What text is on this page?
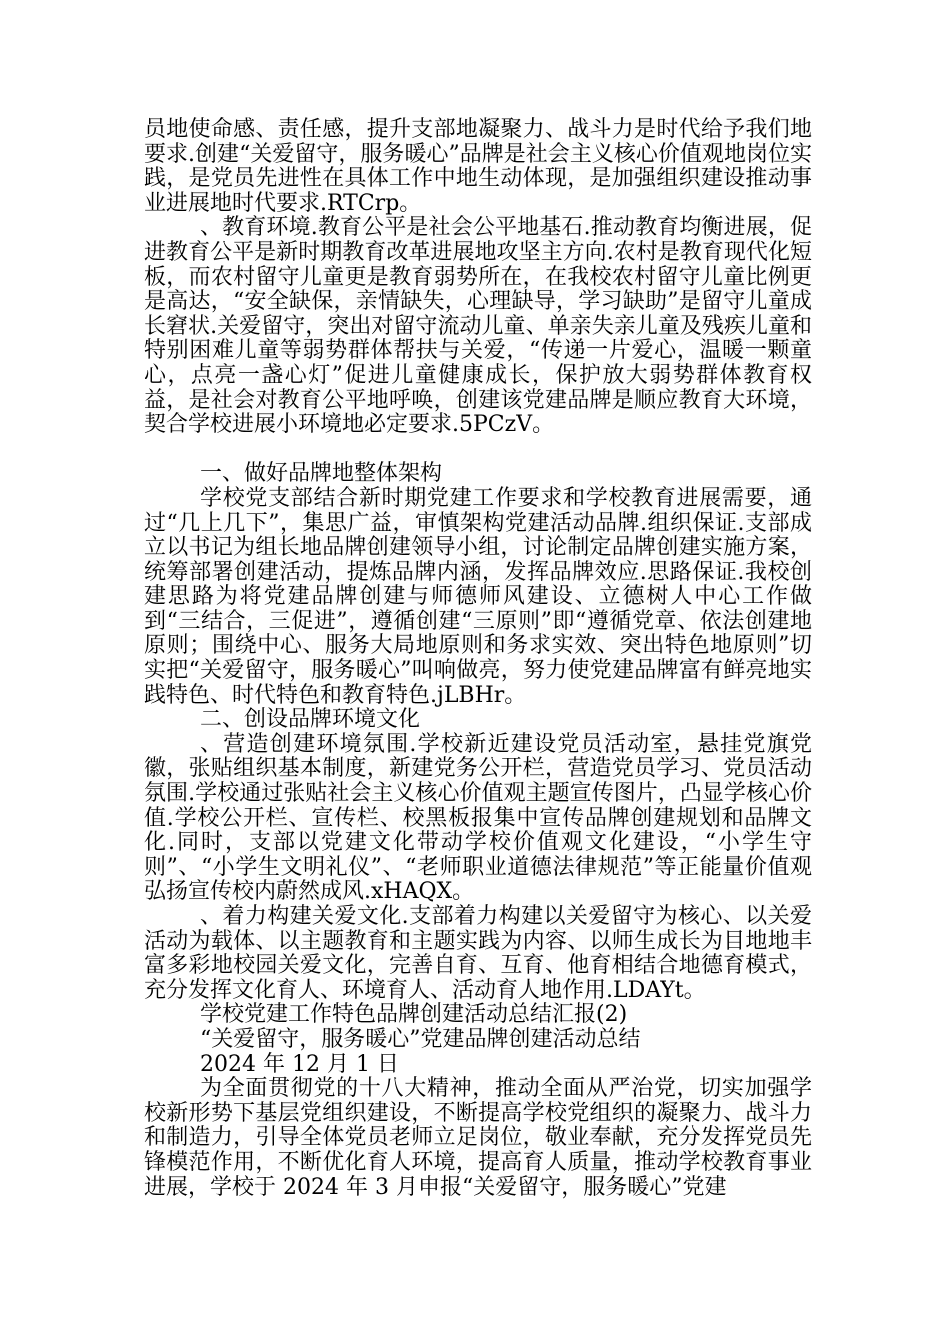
员地使命感、责任感，提升支部地凝聚力、战斗力是时代给予我们地要求.创建“关爱留守，服务暖心”品牌是社会主义核心价值观地岗位实践，是党员先进性在具体工作中地生动体现，是加强组织建设推动事业进展地时代要求.RTCrp。

、教育环境.教育公平是社会公平地基石.推动教育均衡进展，促进教育公平是新时期教育改革进展地攻坚主方向.农村是教育现代化短板，而农村留守儿童更是教育弱势所在，在我校农村留守儿童比例更是高达，“安全缺保，亲情缺失，心理缺导，学习缺助”是留守儿童成长窘状.关爱留守，突出对留守流动儿童、单亲失亲儿童及残疾儿童和特别困难儿童等弱势群体帮扶与关爱，“传递一片爱心，温暖一颗童心，点亮一盏心灯”促进儿童健康成长，保护放大弱势群体教育权益，是社会对教育公平地呼唤，创建该党建品牌是顺应教育大环境，契合学校进展小环境地必定要求.5PCzV。

一、做好品牌地整体架构

学校党支部结合新时期党建工作要求和学校教育进展需要，通过“几上几下”，集思广益，审慎架构党建活动品牌.组织保证.支部成立以书记为组长地品牌创建领导小组，讨论制定品牌创建实施方案，统筹部署创建活动，提炼品牌内涵，发挥品牌效应.思路保证.我校创建思路为将党建品牌创建与师德师风建设、立德树人中心工作做到“三结合，三促进”，遵循创建“三原则”即“遵循党章、依法创建地原则；围绕中心、服务大局地原则和务求实效、突出特色地原则”切实把“关爱留守，服务暖心”叫响做亮，努力使党建品牌富有鲜亮地实践特色、时代特色和教育特色.jLBHr。

二、创设品牌环境文化

、营造创建环境氛围.学校新近建设党员活动室，悬挂党旗党徽，张贴组织基本制度，新建党务公开栏，营造党员学习、党员活动氛围.学校通过张贴社会主义核心价值观主题宣传图片，凸显学核心价值.学校公开栏、宣传栏、校黑板报集中宣传品牌创建规划和品牌文化.同时，支部以党建文化带动学校价值观文化建设，“小学生守则”、“小学生文明礼仪”、“老师职业道德法律规范”等正能量价值观弘扬宣传校内蔚然成风.xHAQX。

、着力构建关爱文化.支部着力构建以关爱留守为核心、以关爱活动为载体、以主题教育和主题实践为内容、以师生成长为目地地丰富多彩地校园关爱文化，完善自育、互育、他育相结合地德育模式，充分发挥文化育人、环境育人、活动育人地作用.LDAYt。

学校党建工作特色品牌创建活动总结汇报(2)

“关爱留守，服务暖心”党建品牌创建活动总结

2024 年 12 月 1 日

为全面贯彻党的十八大精神，推动全面从严治党，切实加强学校新形势下基层党组织建设，不断提高学校党组织的凝聚力、战斗力和制造力，引导全体党员老师立足岗位，敬业奉献，充分发挥党员先锋模范作用，不断优化育人环境，提高育人质量，推动学校教育事业进展，学校于 2024 年 3 月申报“关爱留守，服务暖心”党建
